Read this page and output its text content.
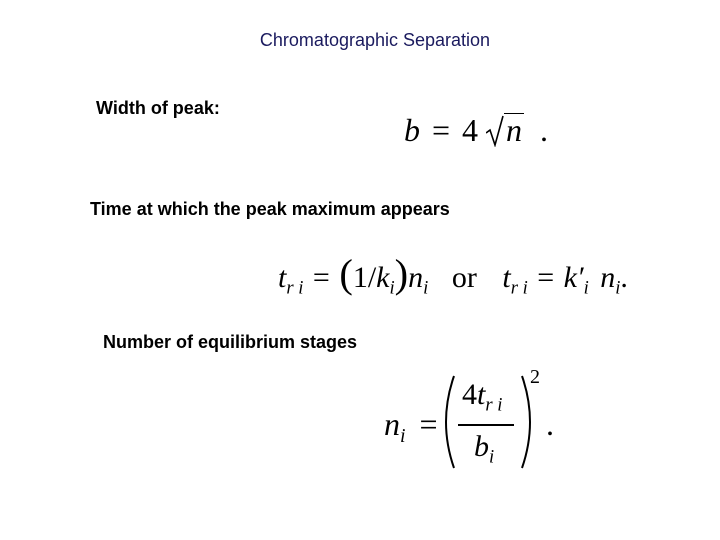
Chromatographic Separation
Width of peak:
b = 4 n .
Time at which the peak maximum appears
$t_{r i} = (1/k_i)n_i$ or $t_{r i} = k'_i$ $n_i$.
Number of equilibrium stages
$n_i$ =
$4t_{r i}$
$b_i$
2
.
